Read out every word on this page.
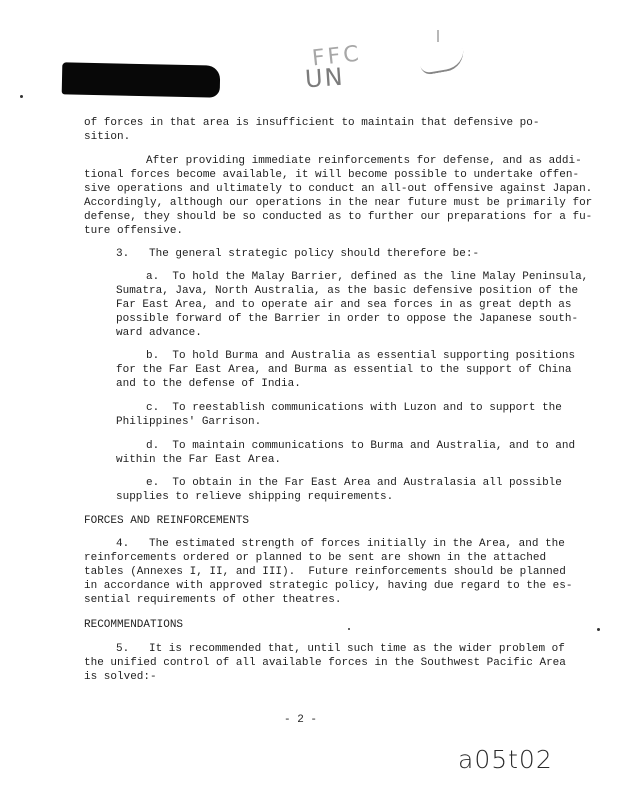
FFC
UN

of forces in that area is insufficient to maintain that defensive po-

sition.

After providing immediate reinforcements for defense, and as addi-

tional forces become available, it will become possible to undertake offen-

sive operations and ultimately to conduct an all-out offensive against Japan.

Accordingly, although our operations in the near future must be primarily for

defense, they should be so conducted as to further our preparations for a fu-

ture offensive.

3.   The general strategic policy should therefore be:-

a.  To hold the Malay Barrier, defined as the line Malay Peninsula,

Sumatra, Java, North Australia, as the basic defensive position of the

Far East Area, and to operate air and sea forces in as great depth as

possible forward of the Barrier in order to oppose the Japanese south-

ward advance.

b.  To hold Burma and Australia as essential supporting positions

for the Far East Area, and Burma as essential to the support of China

and to the defense of India.

c.  To reestablish communications with Luzon and to support the

Philippines' Garrison.

d.  To maintain communications to Burma and Australia, and to and

within the Far East Area.

e.  To obtain in the Far East Area and Australasia all possible

supplies to relieve shipping requirements.

FORCES AND REINFORCEMENTS

4.   The estimated strength of forces initially in the Area, and the

reinforcements ordered or planned to be sent are shown in the attached

tables (Annexes I, II, and III).  Future reinforcements should be planned

in accordance with approved strategic policy, having due regard to the es-

sential requirements of other theatres.

RECOMMENDATIONS

5.   It is recommended that, until such time as the wider problem of

the unified control of all available forces in the Southwest Pacific Area

is solved:-

- 2 -
a05t02
